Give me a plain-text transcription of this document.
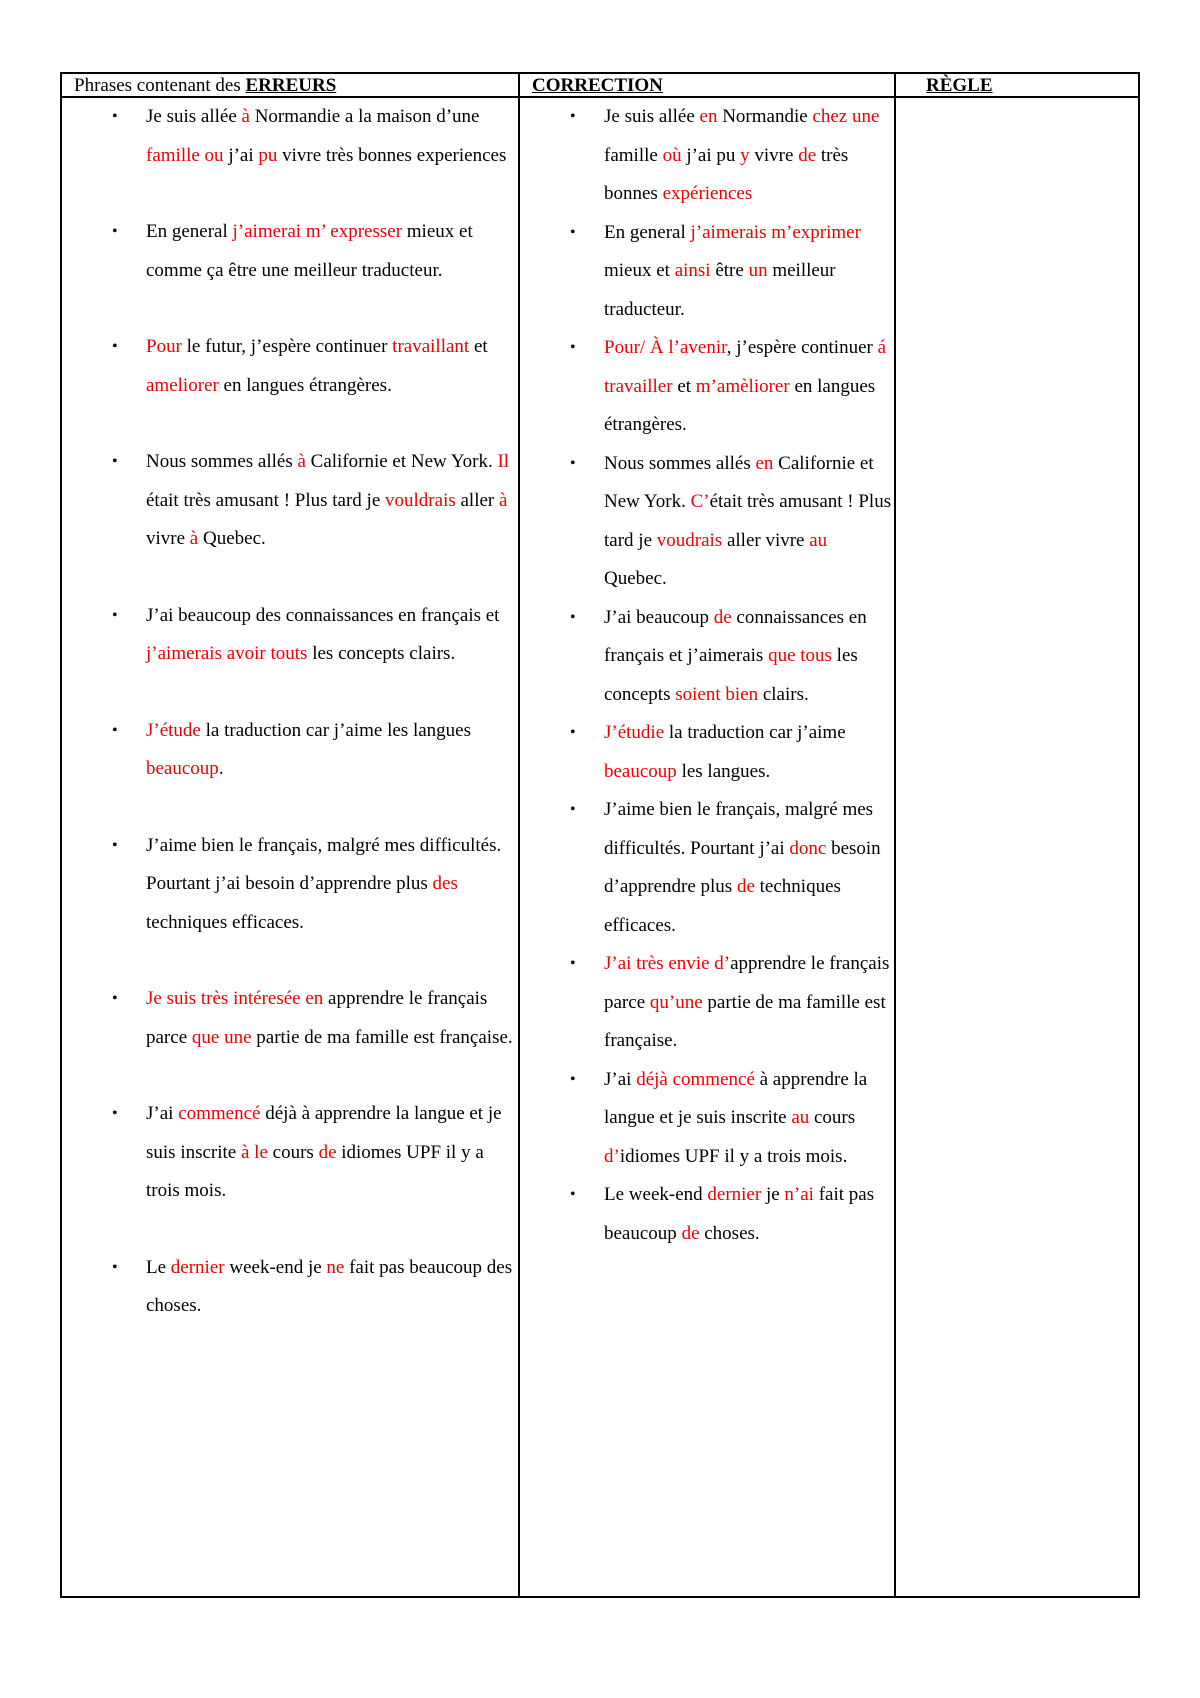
Phrases contenant des ERREURS	CORRECTION	RÈGLE
• Je suis allée à Normandie a la maison d’une famille ou j’ai pu vivre très bonnes experiences
• En general j’aimerai m’ expresser mieux et comme ça être une meilleur traducteur.
• Pour le futur, j’espère continuer travaillant et ameliorer en langues étrangères.
• Nous sommes allés à Californie et New York. Il était très amusant ! Plus tard je vouldrais aller à vivre à Quebec.
• J’ai beaucoup des connaissances en français et j’aimerais avoir touts les concepts clairs.
• J’étude la traduction car j’aime les langues beaucoup.
• J’aime bien le français, malgré mes difficultés. Pourtant j’ai besoin d’apprendre plus des techniques efficaces.
• Je suis très intéresée en apprendre le français parce que une partie de ma famille est française.
• J’ai commencé déjà à apprendre la langue et je suis inscrite à le cours de idiomes UPF il y a trois mois.
• Le dernier week-end je ne fait pas beaucoup des choses.
• Je suis allée en Normandie chez une famille où j’ai pu y vivre de très bonnes expériences
• En general j’aimerais m’exprimer mieux et ainsi être un meilleur traducteur.
• Pour/ À l’avenir, j’espère continuer á travailler et m’amèliorer en langues étrangères.
• Nous sommes allés en Californie et New York. C’était très amusant ! Plus tard je voudrais aller vivre au Quebec.
• J’ai beaucoup de connaissances en français et j’aimerais que tous les concepts soient bien clairs.
• J’étudie la traduction car j’aime beaucoup les langues.
• J’aime bien le français, malgré mes difficultés. Pourtant j’ai donc besoin d’apprendre plus de techniques efficaces.
• J’ai très envie d’apprendre le français parce qu’une partie de ma famille est française.
• J’ai déjà commencé à apprendre la langue et je suis inscrite au cours d’idiomes UPF il y a trois mois.
• Le week-end dernier je n’ai fait pas beaucoup de choses.
